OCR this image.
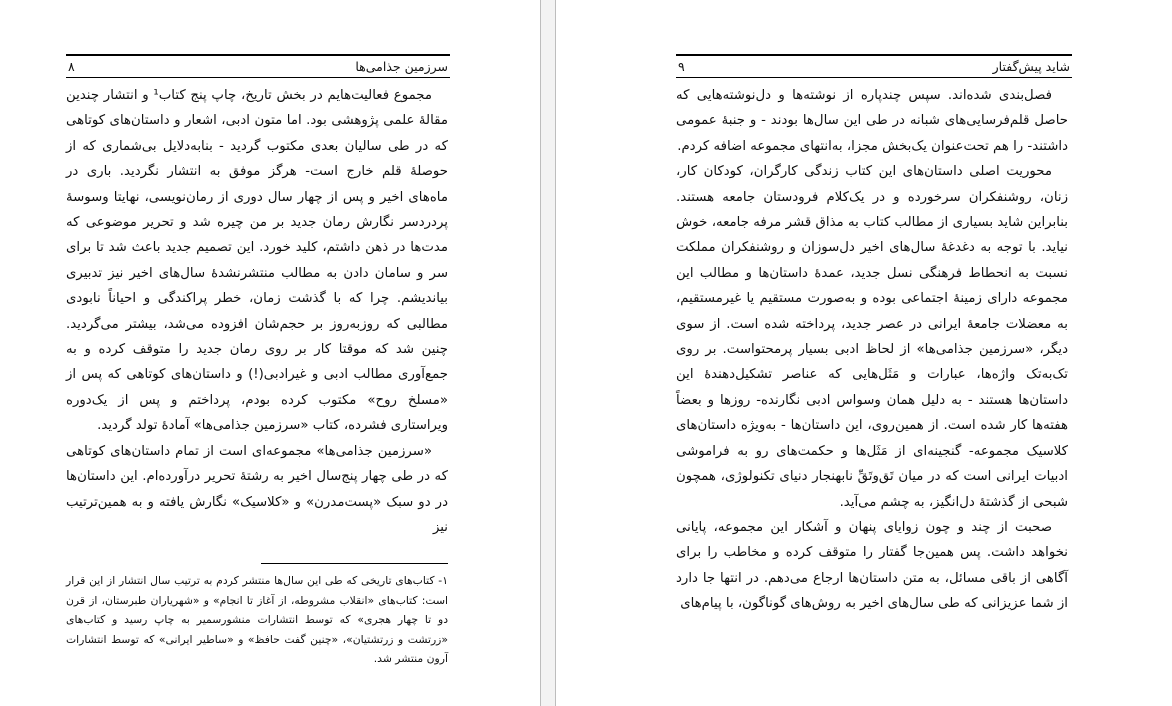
سرزمین جذامی‌ها
۸

مجموع فعالیت‌هایم در بخش تاریخ، چاپ پنج کتاب¹ و انتشار چندین مقالهٔ علمی پژوهشی بود. اما متون ادبی، اشعار و داستان‌های کوتاهی که در طی سالیان بعدی مکتوب گردید - بنابه‌دلایل بی‌شماری که از حوصلهٔ قلم خارج است- هرگز موفق به انتشار نگردید. باری در ماه‌های اخیر و پس از چهار سال دوری از رمان‌نویسی، نهایتا وسوسهٔ پردردسر نگارش رمان جدید بر من چیره شد و تحریر موضوعی که مدت‌ها در ذهن داشتم، کلید خورد. این تصمیم جدید باعث شد تا برای سر و سامان دادن به مطالب منتشرنشدهٔ سال‌های اخیر نیز تدبیری بیاندیشم. چرا که با گذشت زمان، خطر پراکندگی و احیاناً نابودی مطالبی که روزبه‌روز بر حجم‌شان افزوده می‌شد، بیشتر می‌گردید. چنین شد که موقتا کار بر روی رمان جدید را متوقف کرده و به جمع‌آوری مطالب ادبی و غیرادبی(!) و داستان‌های کوتاهی که پس از «مسلخ روح» مکتوب کرده بودم، پرداختم و پس از یک‌دوره ویراستاری فشرده، کتاب «سرزمین جذامی‌ها» آمادهٔ تولد گردید.

«سرزمین جذامی‌ها» مجموعه‌ای است از تمام داستان‌های کوتاهی که در طی چهار پنج‌سال اخیر به رشتهٔ تحریر درآورده‌ام. این داستان‌ها در دو سبک «پست‌مدرن» و «کلاسیک» نگارش یافته و به همین‌ترتیب نیز

۱- کتاب‌های تاریخی که طی این سال‌ها منتشر کردم به ترتیب سال انتشار از این قرار است: کتاب‌های «انقلاب مشروطه، از آغاز تا انجام» و «شهریاران طبرستان، از قرن دو تا چهار هجری» که توسط انتشارات منشورسمیر به چاپ رسید و کتاب‌های «زرتشت و زرتشتیان»، «چنین گفت حافظ» و «ساطیر ایرانی» که توسط انتشارات آرون منتشر شد.

شاید پیش‌گفتار
۹

فصل‌بندی شده‌اند. سپس چندپاره از نوشته‌ها و دل‌نوشته‌هایی که حاصل قلم‌فرسایی‌های شبانه در طی این سال‌ها بودند - و جنبهٔ عمومی داشتند- را هم تحت‌عنوان یک‌بخش مجزا، به‌انتهای مجموعه اضافه کردم.

محوریت اصلی داستان‌های این کتاب زندگی کارگران، کودکان کار، زنان، روشنفکران سرخورده و در یک‌کلام فرودستان جامعه هستند. بنابراین شاید بسیاری از مطالب کتاب به مذاق قشر مرفه جامعه، خوش نیاید. با توجه به دغدغهٔ سال‌های اخیر دل‌سوزان و روشنفکران مملکت نسبت به انحطاط فرهنگی نسل جدید، عمدهٔ داستان‌ها و مطالب این مجموعه دارای زمینهٔ اجتماعی بوده و به‌صورت مستقیم یا غیرمستقیم، به معضلات جامعهٔ ایرانی در عصر جدید، پرداخته شده است. از سوی دیگر، «سرزمین جذامی‌ها» از لحاظ ادبی بسیار پرمحتواست. بر روی تک‌به‌تک واژه‌ها، عبارات و مَثَل‌هایی که عناصر تشکیل‌دهندهٔ این داستان‌ها هستند - به دلیل همان وسواس ادبی نگارنده- روزها و بعضاً هفته‌ها کار شده است. از همین‌روی، این داستان‌ها - به‌ویژه داستان‌های کلاسیک مجموعه- گنجینه‌ای از مَثَل‌ها و حکمت‌های رو به فراموشی ادبیات ایرانی است که در میان تَق‌وتَقِّ نابهنجار دنیای تکنولوژی، همچون شبحی از گذشتهٔ دل‌انگیز، به چشم می‌آید.

صحبت از چند و چون زوایای پنهان و آشکار این مجموعه، پایانی نخواهد داشت. پس همین‌جا گفتار را متوقف کرده و مخاطب را برای آگاهی از باقی مسائل، به متن داستان‌ها ارجاع می‌دهم. در انتها جا دارد از شما عزیزانی که طی سال‌های اخیر به روش‌های گوناگون، با پیام‌های
